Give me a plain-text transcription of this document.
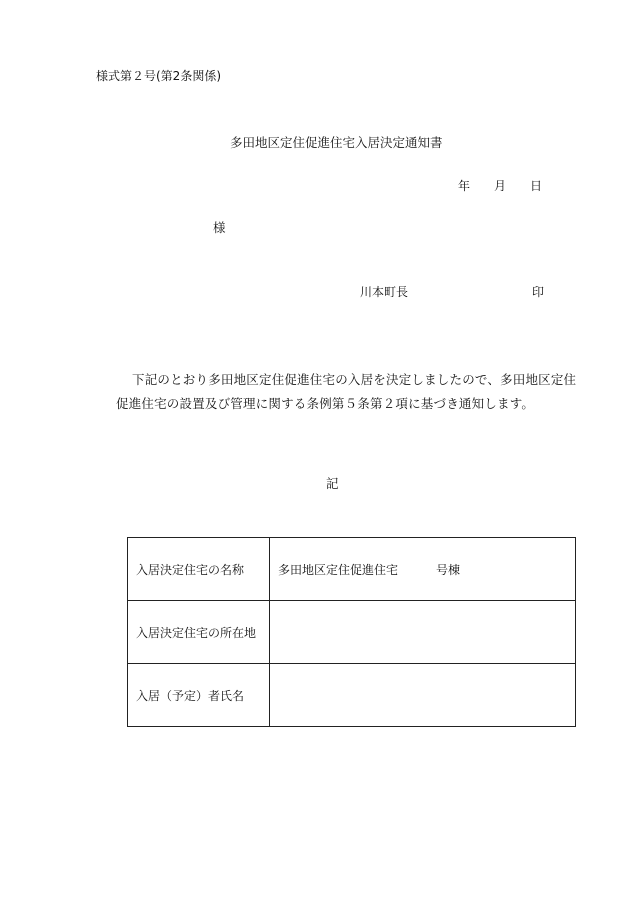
様式第２号(第2条関係)
多田地区定住促進住宅入居決定通知書
年 月 日
様
川本町長	印
下記のとおり多田地区定住促進住宅の入居を決定しましたので、多田地区定住促進住宅の設置及び管理に関する条例第５条第２項に基づき通知します。
記
入居決定住宅の名称	多田地区定住促進住宅 号棟
入居決定住宅の所在地	
入居（予定）者氏名	
